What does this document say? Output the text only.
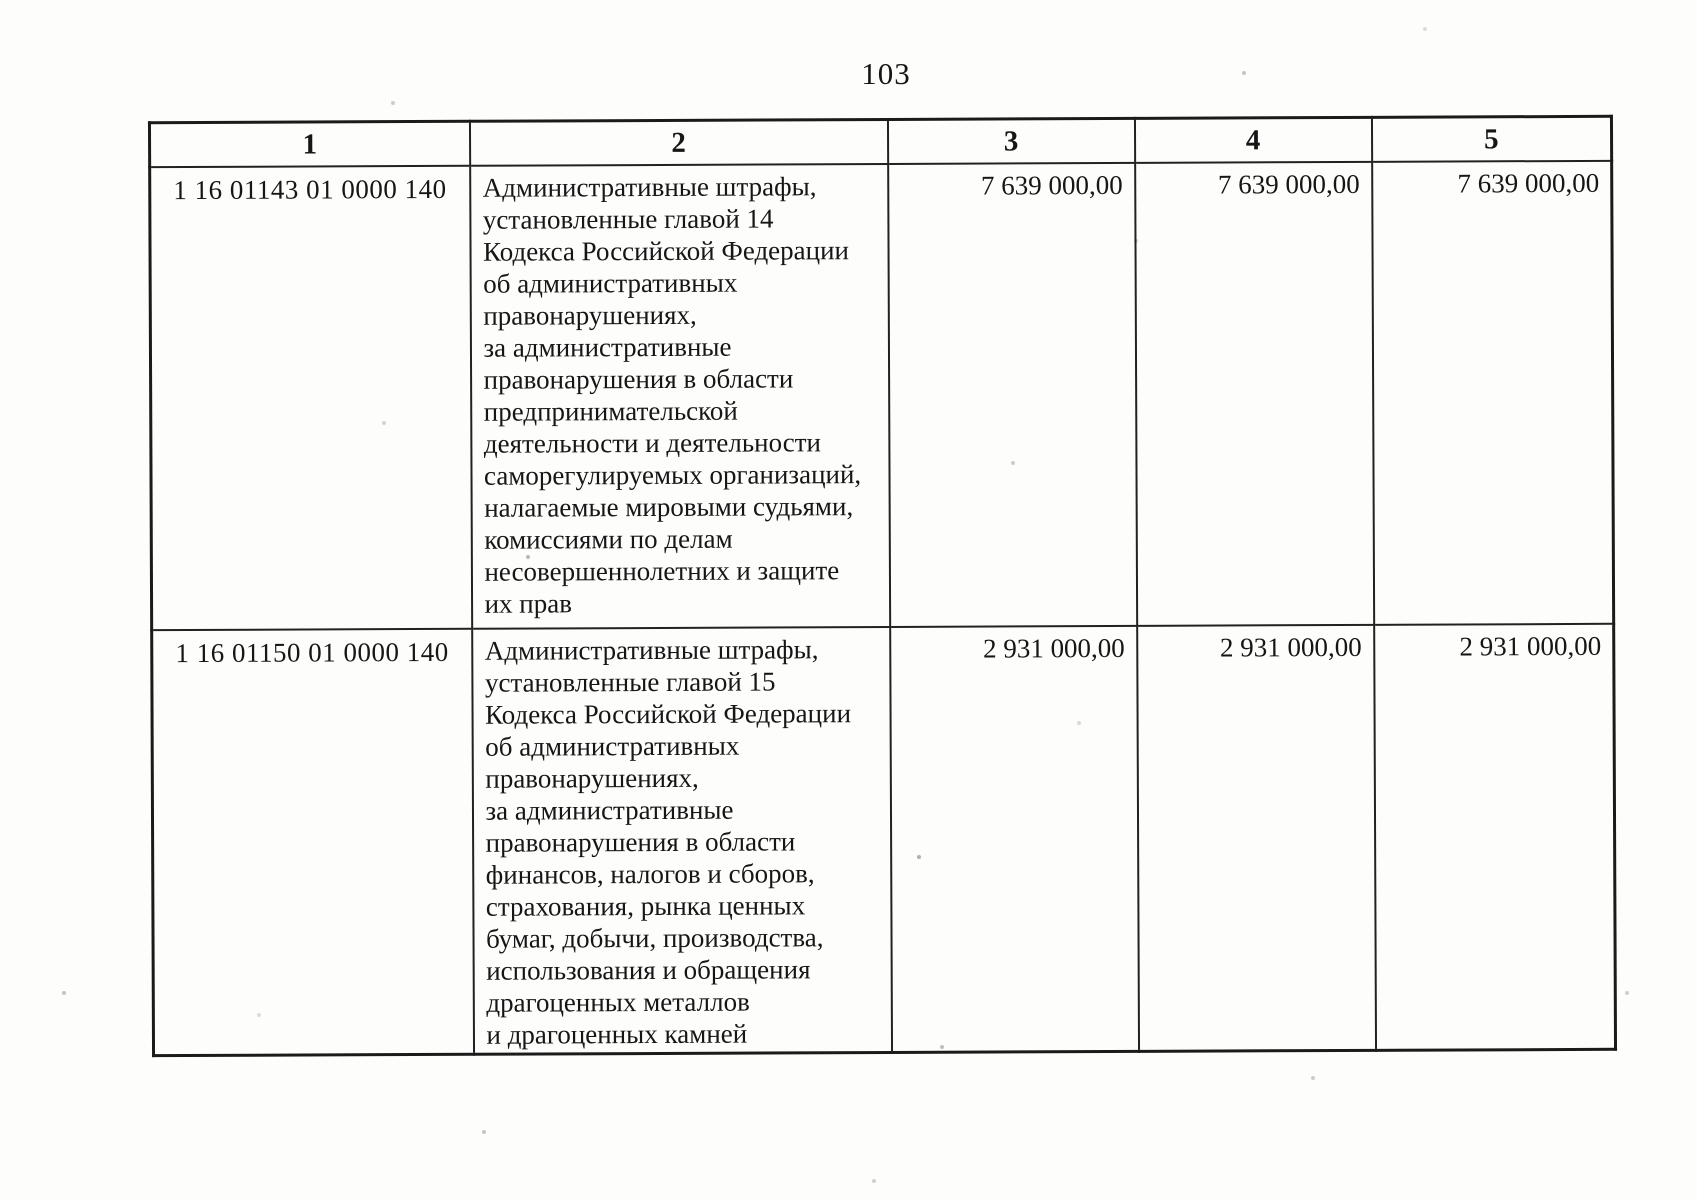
103
1	2	3	4	5
1 16 01143 01 0000 140	Административные штрафы,
установленные главой 14
Кодекса Российской Федерации
об административных
правонарушениях,
за административные
правонарушения в области
предпринимательской
деятельности и деятельности
саморегулируемых организаций,
налагаемые мировыми судьями,
комиссиями по делам
несовершеннолетних и защите
их прав	7 639 000,00	7 639 000,00	7 639 000,00
1 16 01150 01 0000 140	Административные штрафы,
установленные главой 15
Кодекса Российской Федерации
об административных
правонарушениях,
за административные
правонарушения в области
финансов, налогов и сборов,
страхования, рынка ценных
бумаг, добычи, производства,
использования и обращения
драгоценных металлов
и драгоценных камней	2 931 000,00	2 931 000,00	2 931 000,00
